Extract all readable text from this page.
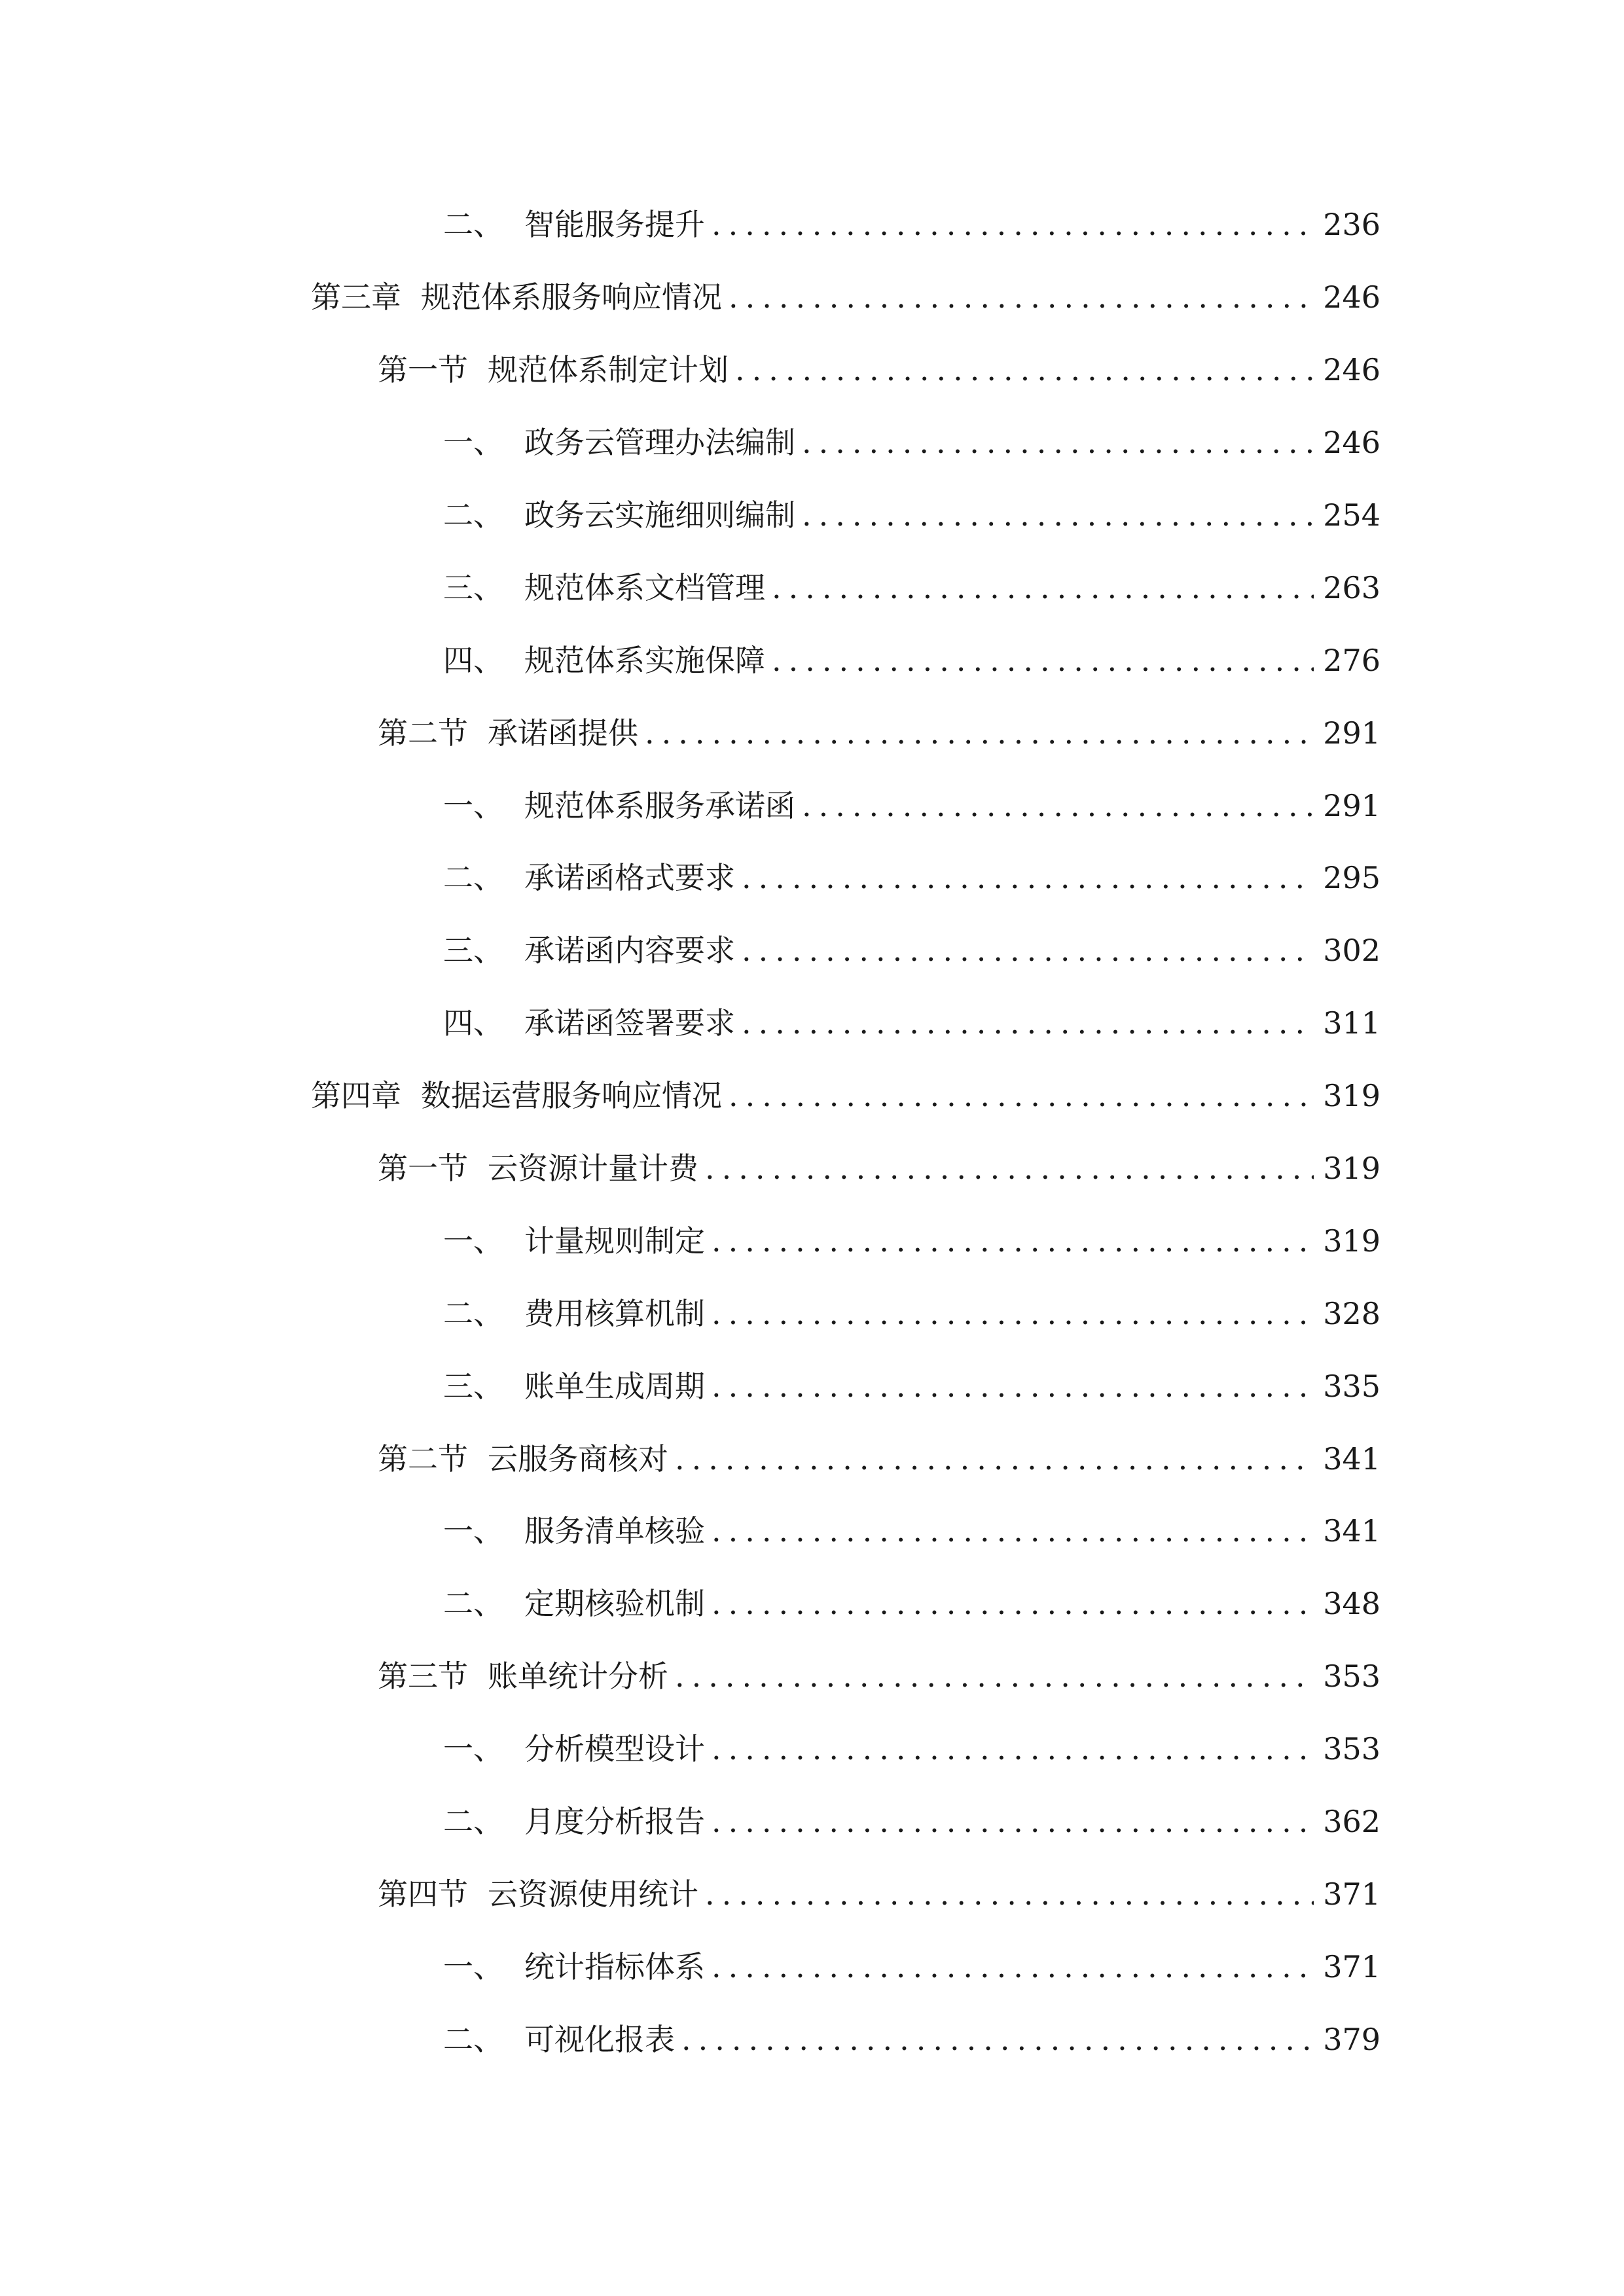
二、 智能服务提升 .....	236
第三章 规范体系服务响应情况 .....	246
第一节 规范体系制定计划 .....	246
一、 政务云管理办法编制 .....	246
二、 政务云实施细则编制 .....	254
三、 规范体系文档管理 .....	263
四、 规范体系实施保障 .....	276
第二节 承诺函提供 .....	291
一、 规范体系服务承诺函 .....	291
二、 承诺函格式要求 .....	295
三、 承诺函内容要求 .....	302
四、 承诺函签署要求 .....	311
第四章 数据运营服务响应情况 .....	319
第一节 云资源计量计费 .....	319
一、 计量规则制定 .....	319
二、 费用核算机制 .....	328
三、 账单生成周期 .....	335
第二节 云服务商核对 .....	341
一、 服务清单核验 .....	341
二、 定期核验机制 .....	348
第三节 账单统计分析 .....	353
一、 分析模型设计 .....	353
二、 月度分析报告 .....	362
第四节 云资源使用统计 .....	371
一、 统计指标体系 .....	371
二、 可视化报表 .....	379
